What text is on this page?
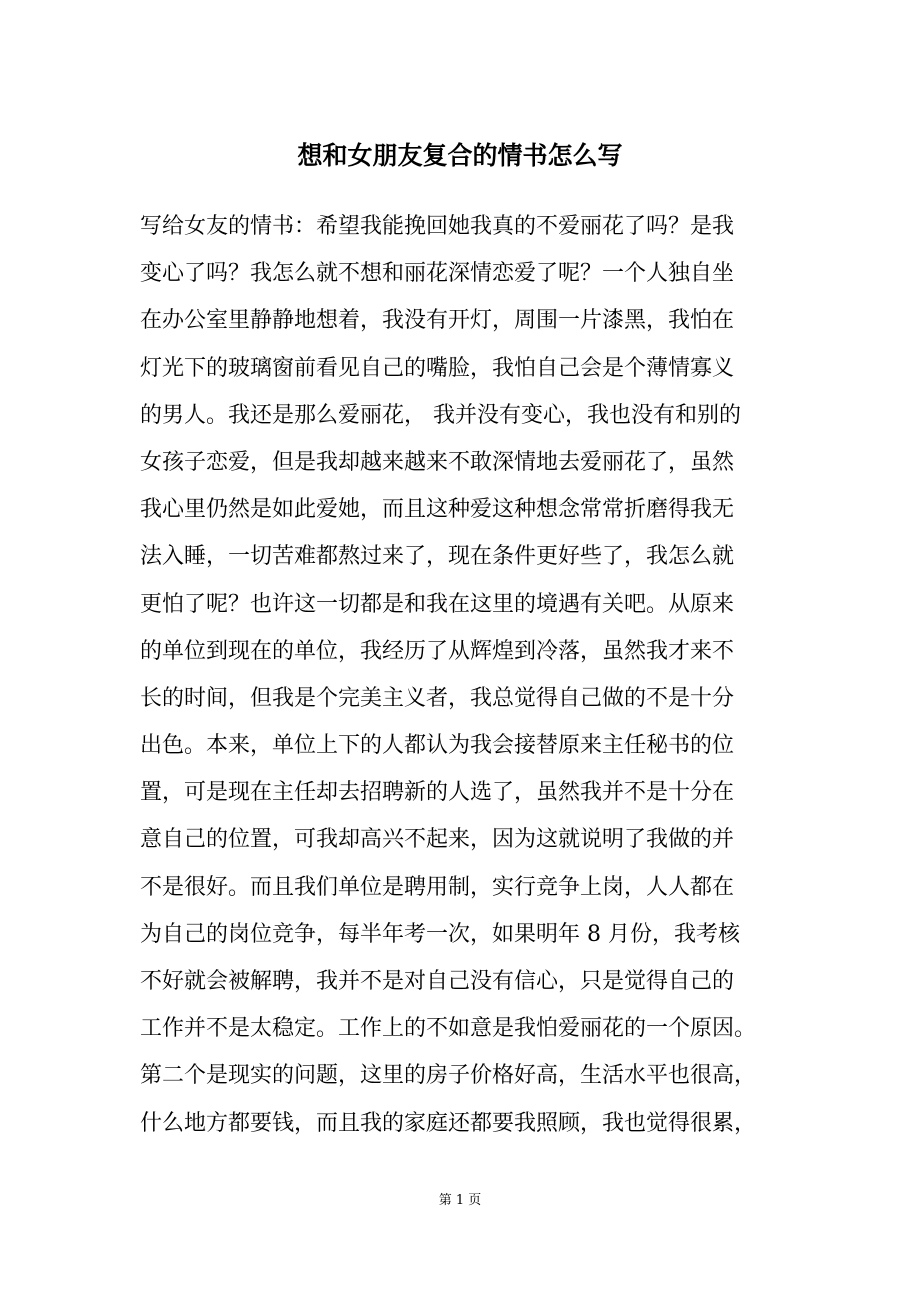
想和女朋友复合的情书怎么写
写给女友的情书：希望我能挽回她我真的不爱丽花了吗？是我
变心了吗？我怎么就不想和丽花深情恋爱了呢？一个人独自坐
在办公室里静静地想着，我没有开灯，周围一片漆黑，我怕在
灯光下的玻璃窗前看见自己的嘴脸，我怕自己会是个薄情寡义
的男人。我还是那么爱丽花， 我并没有变心，我也没有和别的
女孩子恋爱，但是我却越来越来不敢深情地去爱丽花了，虽然
我心里仍然是如此爱她，而且这种爱这种想念常常折磨得我无
法入睡，一切苦难都熬过来了，现在条件更好些了，我怎么就
更怕了呢？也许这一切都是和我在这里的境遇有关吧。从原来
的单位到现在的单位，我经历了从辉煌到冷落，虽然我才来不
长的时间，但我是个完美主义者，我总觉得自己做的不是十分
出色。本来，单位上下的人都认为我会接替原来主任秘书的位
置，可是现在主任却去招聘新的人选了，虽然我并不是十分在
意自己的位置，可我却高兴不起来，因为这就说明了我做的并
不是很好。而且我们单位是聘用制，实行竞争上岗，人人都在
为自己的岗位竞争，每半年考一次，如果明年 8 月份，我考核
不好就会被解聘，我并不是对自己没有信心，只是觉得自己的
工作并不是太稳定。工作上的不如意是我怕爱丽花的一个原因。
第二个是现实的问题，这里的房子价格好高，生活水平也很高，
什么地方都要钱，而且我的家庭还都要我照顾，我也觉得很累，
第 1 页
